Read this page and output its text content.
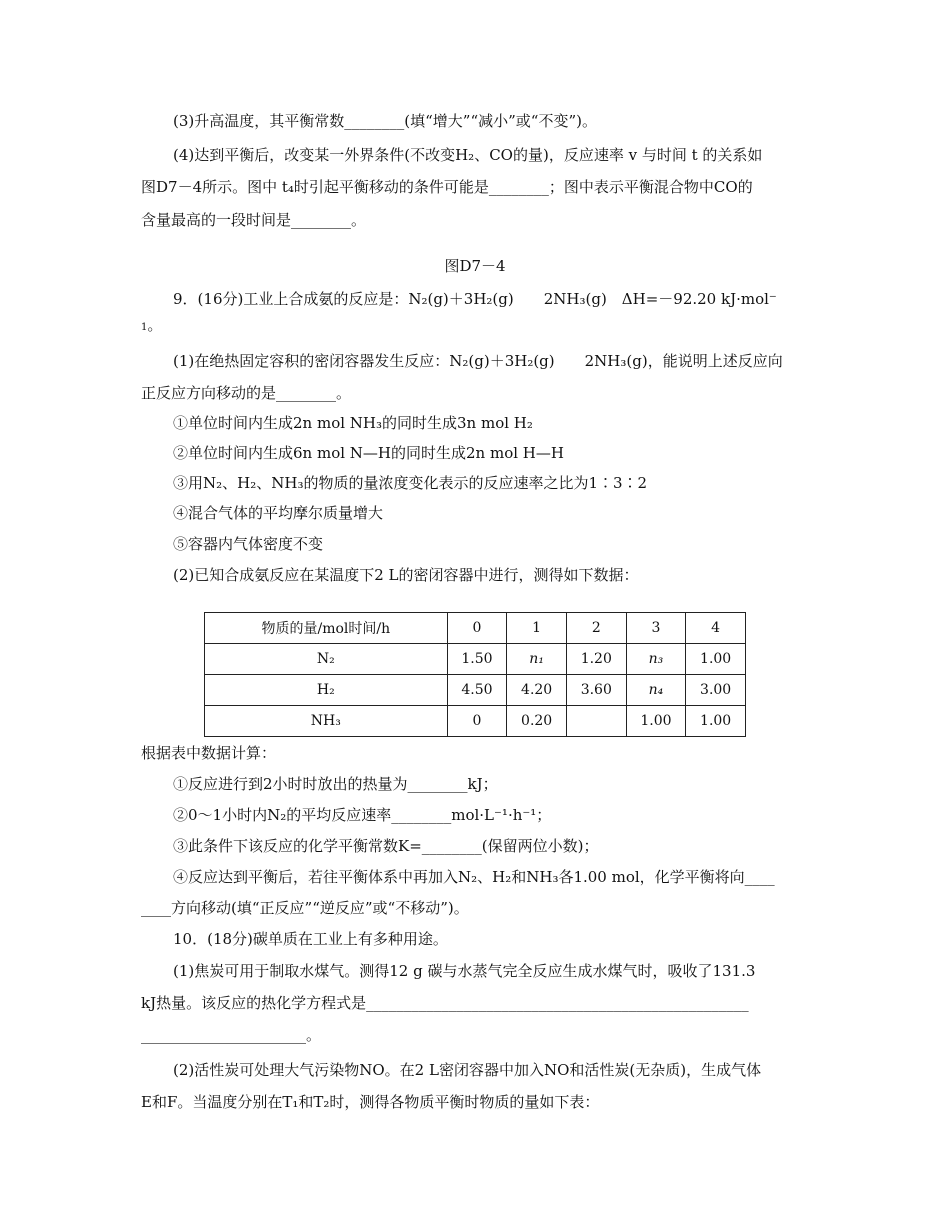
(3)升高温度，其平衡常数________(填“增大”“减小”或“不变”)。
(4)达到平衡后，改变某一外界条件(不改变H₂、CO的量)，反应速率 v 与时间 t 的关系如
图D7－4所示。图中 t₄时引起平衡移动的条件可能是________；图中表示平衡混合物中CO的
含量最高的一段时间是________。
图D7－4
9．(16分)工业上合成氨的反应是：N₂(g)＋3H₂(g)　　2NH₃(g)　ΔH=－92.20 kJ·mol⁻
1。
(1)在绝热固定容积的密闭容器发生反应：N₂(g)＋3H₂(g)　　2NH₃(g)，能说明上述反应向
正反应方向移动的是________。
①单位时间内生成2n mol NH₃的同时生成3n mol H₂
②单位时间内生成6n mol N—H的同时生成2n mol H—H
③用N₂、H₂、NH₃的物质的量浓度变化表示的反应速率之比为1∶3∶2
④混合气体的平均摩尔质量增大
⑤容器内气体密度不变
(2)已知合成氨反应在某温度下2 L的密闭容器中进行，测得如下数据：
物质的量/mol时间/h	0	1	2	3	4
N₂	1.50	n₁	1.20	n₃	1.00
H₂	4.50	4.20	3.60	n₄	3.00
NH₃	0	0.20		1.00	1.00
根据表中数据计算：
①反应进行到2小时时放出的热量为________kJ；
②0～1小时内N₂的平均反应速率________mol·L⁻¹·h⁻¹；
③此条件下该反应的化学平衡常数K=________(保留两位小数)；
④反应达到平衡后，若往平衡体系中再加入N₂、H₂和NH₃各1.00 mol，化学平衡将向____
____方向移动(填“正反应”“逆反应”或“不移动”)。
10．(18分)碳单质在工业上有多种用途。
(1)焦炭可用于制取水煤气。测得12 g 碳与水蒸气完全反应生成水煤气时，吸收了131.3
kJ热量。该反应的热化学方程式是___________________________________________________
______________________。
(2)活性炭可处理大气污染物NO。在2 L密闭容器中加入NO和活性炭(无杂质)，生成气体
E和F。当温度分别在T₁和T₂时，测得各物质平衡时物质的量如下表：
